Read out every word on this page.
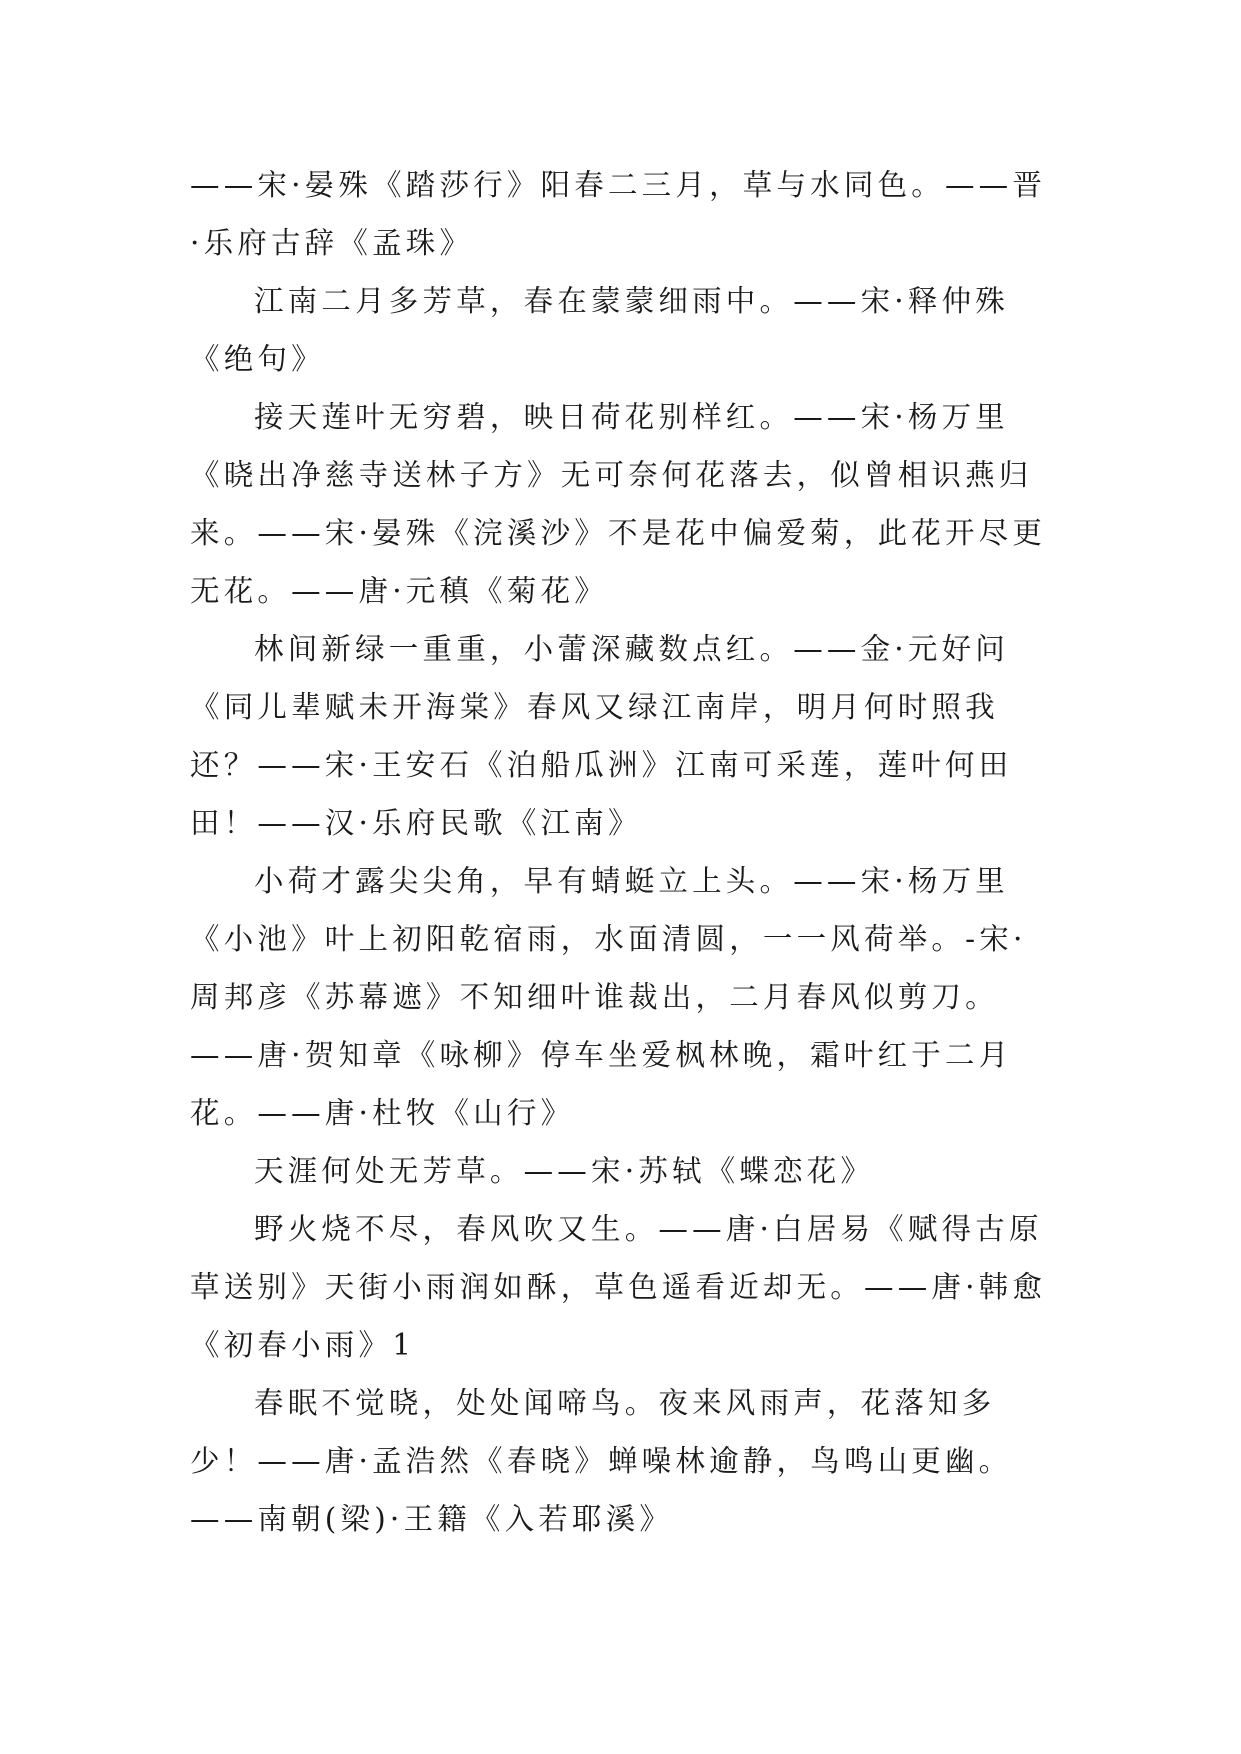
——宋·晏殊《踏莎行》阳春二三月，草与水同色。——晋·乐府古辞《孟珠》

江南二月多芳草，春在蒙蒙细雨中。——宋·释仲殊《绝句》

接天莲叶无穷碧，映日荷花别样红。——宋·杨万里《晓出净慈寺送林子方》无可奈何花落去，似曾相识燕归来。——宋·晏殊《浣溪沙》不是花中偏爱菊，此花开尽更无花。——唐·元稹《菊花》

林间新绿一重重，小蕾深藏数点红。——金·元好问《同儿辈赋未开海棠》春风又绿江南岸，明月何时照我还？——宋·王安石《泊船瓜洲》江南可采莲，莲叶何田田！——汉·乐府民歌《江南》

小荷才露尖尖角，早有蜻蜓立上头。——宋·杨万里《小池》叶上初阳乾宿雨，水面清圆，一一风荷举。-宋·周邦彦《苏幕遮》不知细叶谁裁出，二月春风似剪刀。——唐·贺知章《咏柳》停车坐爱枫林晚，霜叶红于二月花。——唐·杜牧《山行》

天涯何处无芳草。——宋·苏轼《蝶恋花》

野火烧不尽，春风吹又生。——唐·白居易《赋得古原草送别》天街小雨润如酥，草色遥看近却无。——唐·韩愈《初春小雨》1

春眠不觉晓，处处闻啼鸟。夜来风雨声，花落知多少！——唐·孟浩然《春晓》蝉噪林逾静，鸟鸣山更幽。——南朝(梁)·王籍《入若耶溪》
